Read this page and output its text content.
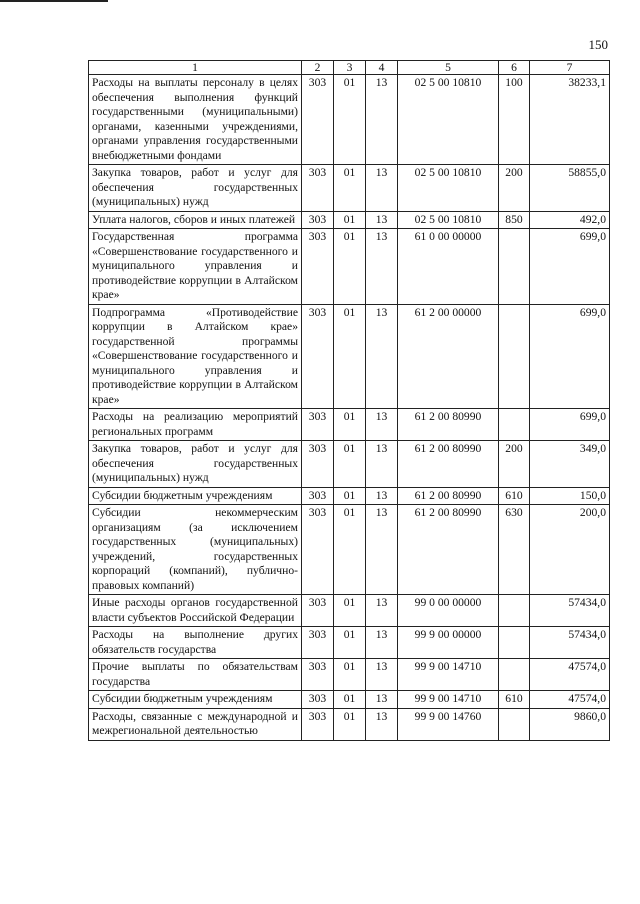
150
1	2	3	4	5	6	7
Расходы на выплаты персоналу в целях обеспечения выполнения функций государственными (муниципальными) органами, казенными учреждениями, органами управления государственными внебюджетными фондами	303	01	13	02 5 00 10810	100	38233,1
Закупка товаров, работ и услуг для обеспечения государственных (муниципальных) нужд	303	01	13	02 5 00 10810	200	58855,0
Уплата налогов, сборов и иных платежей	303	01	13	02 5 00 10810	850	492,0
Государственная программа «Совершенствование государственного и муниципального управления и противодействие коррупции в Алтайском крае»	303	01	13	61 0 00 00000		699,0
Подпрограмма «Противодействие коррупции в Алтайском крае» государственной программы «Совершенствование государственного и муниципального управления и противодействие коррупции в Алтайском крае»	303	01	13	61 2 00 00000		699,0
Расходы на реализацию мероприятий региональных программ	303	01	13	61 2 00 80990		699,0
Закупка товаров, работ и услуг для обеспечения государственных (муниципальных) нужд	303	01	13	61 2 00 80990	200	349,0
Субсидии бюджетным учреждениям	303	01	13	61 2 00 80990	610	150,0
Субсидии некоммерческим организациям (за исключением государственных (муниципальных) учреждений, государственных корпораций (компаний), публично-правовых компаний)	303	01	13	61 2 00 80990	630	200,0
Иные расходы органов государственной власти субъектов Российской Федерации	303	01	13	99 0 00 00000		57434,0
Расходы на выполнение других обязательств государства	303	01	13	99 9 00 00000		57434,0
Прочие выплаты по обязательствам государства	303	01	13	99 9 00 14710		47574,0
Субсидии бюджетным учреждениям	303	01	13	99 9 00 14710	610	47574,0
Расходы, связанные с международной и межрегиональной деятельностью	303	01	13	99 9 00 14760		9860,0
